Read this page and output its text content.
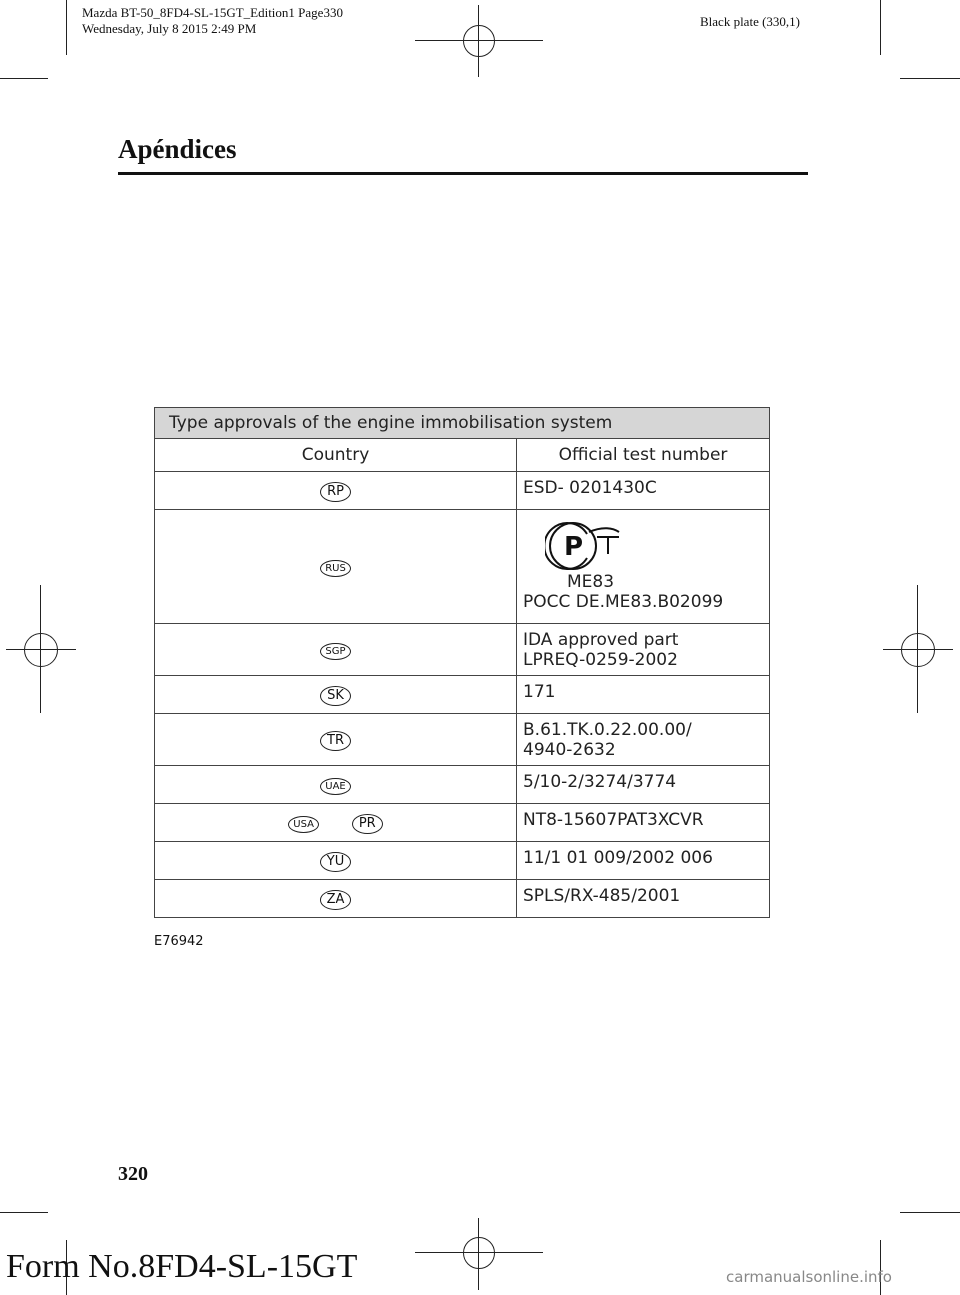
Mazda BT-50_8FD4-SL-15GT_Edition1 Page330
Wednesday, July 8 2015 2:49 PM	Black plate (330,1)
Apéndices
Type approvals of the engine immobilisation system	
Country	Official test number
RP	ESD- 0201430C

RUS	P
ME83
POCC DE.ME83.B02099

SGP	IDA approved part
LPREQ-0259-2002

SK	171

TR	B.61.TK.0.22.00.00/
4940-2632

UAE	5/10-2/3274/3774

USA PR	NT8-15607PAT3XCVR

YU	11/1 01 009/2002 006

ZA	SPLS/RX-485/2001
E76942
320
Form No.8FD4-SL-15GT	carmanualsonline.info
